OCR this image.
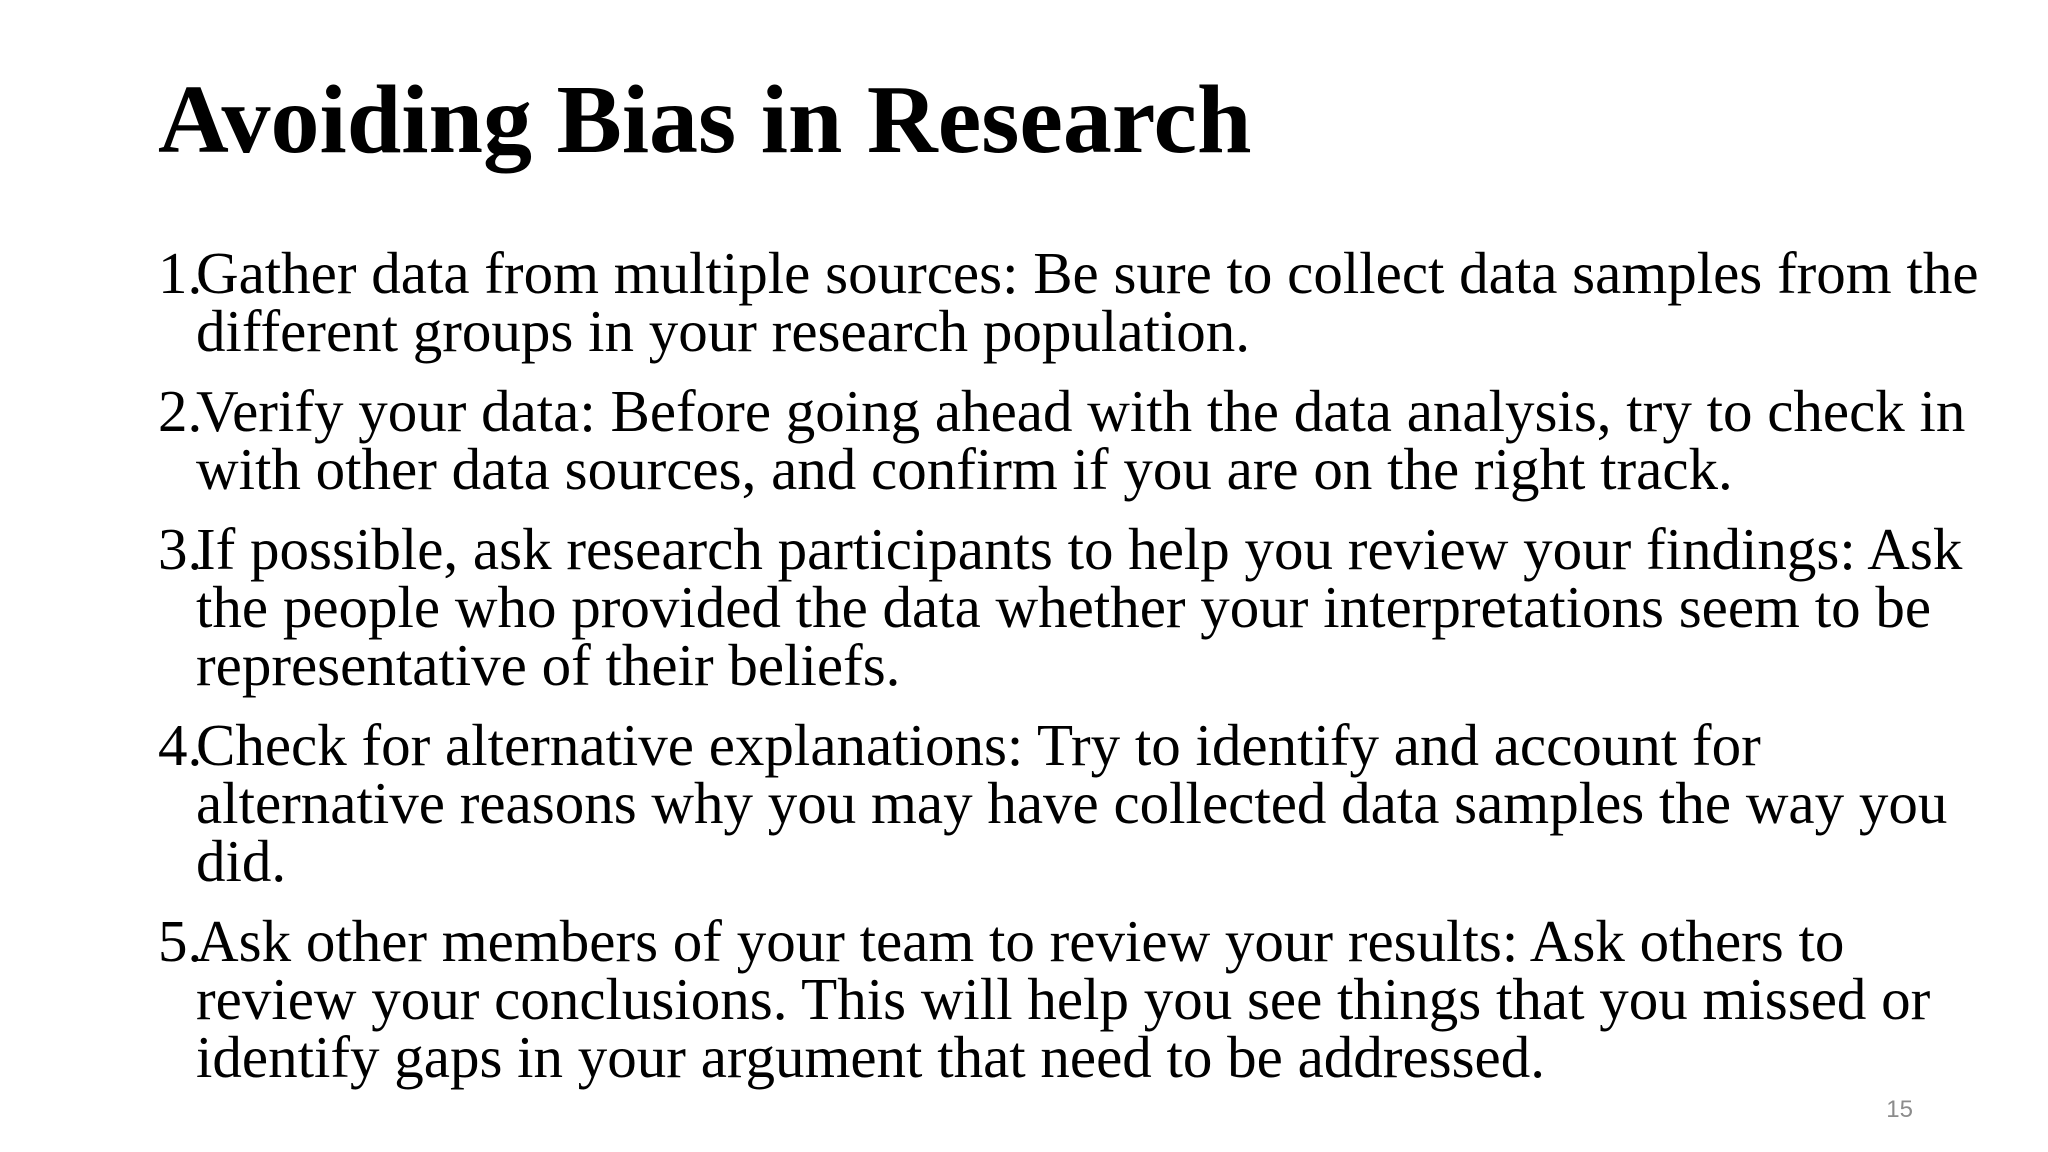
Avoiding Bias in Research
1.
Gather data from multiple sources: Be sure to collect data samples from the different groups in your research population.
2.
Verify your data: Before going ahead with the data analysis, try to check in with other data sources, and confirm if you are on the right track.
3.
If possible, ask research participants to help you review your findings: Ask the people who provided the data whether your interpretations seem to be representative of their beliefs.
4.
Check for alternative explanations: Try to identify and account for alternative reasons why you may have collected data samples the way you did.
5.
Ask other members of your team to review your results: Ask others to review your conclusions. This will help you see things that you missed or identify gaps in your argument that need to be addressed.
15
